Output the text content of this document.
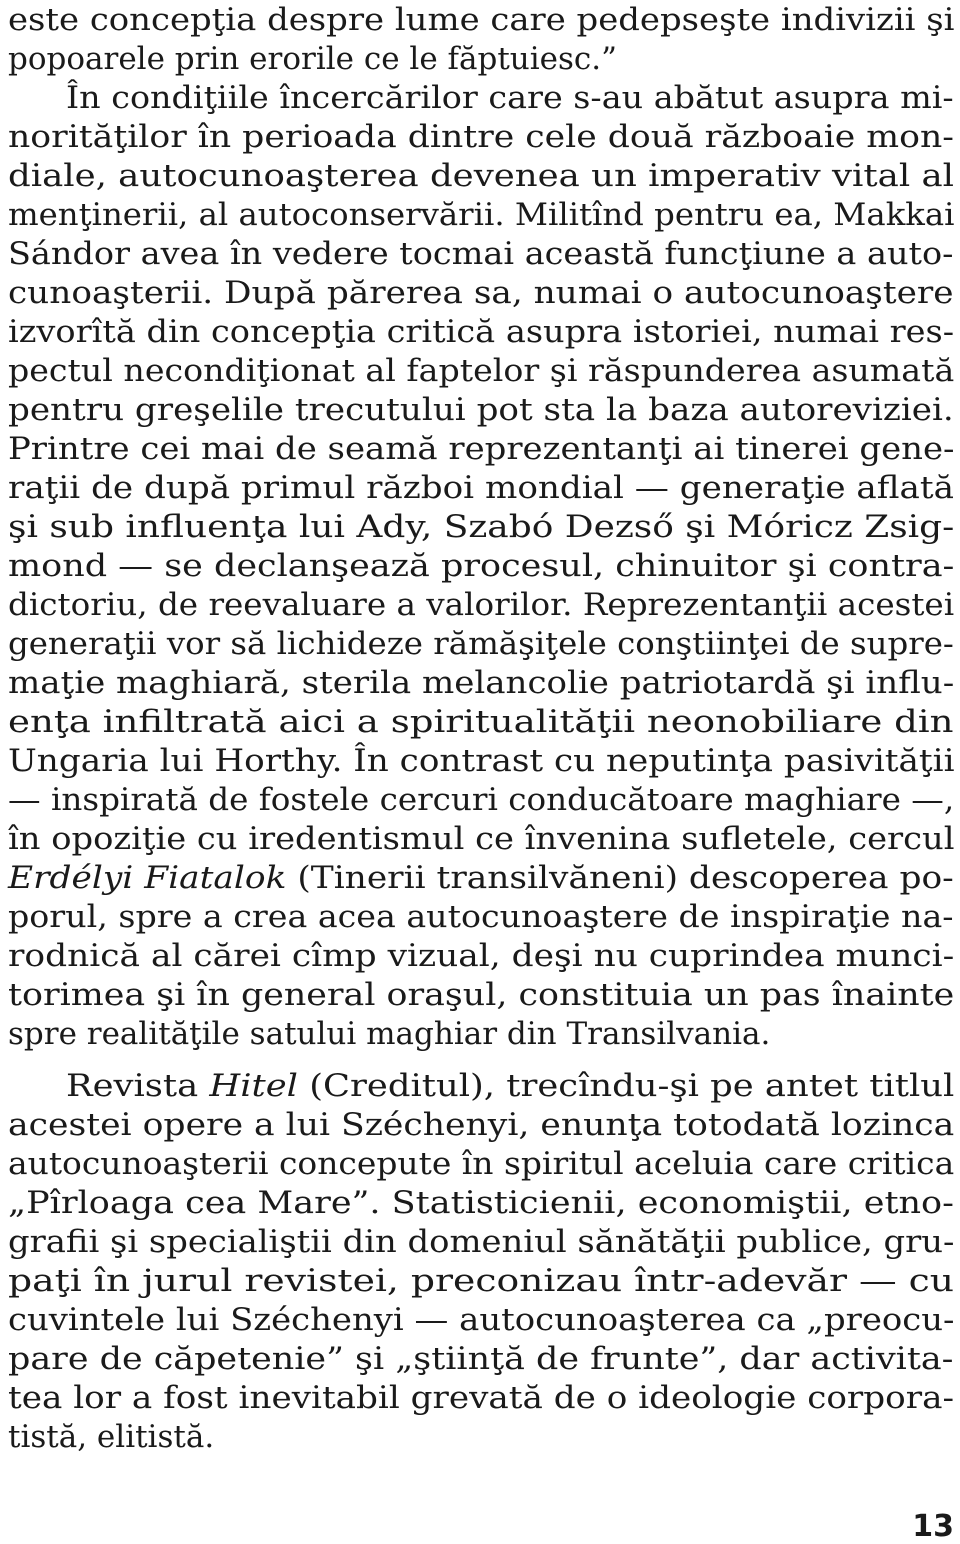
este concepţia despre lume care pedepseşte indivizii şi
popoarele prin erorile ce le făptuiesc.”
În condiţiile încercărilor care s-au abătut asupra mi-
norităţilor în perioada dintre cele două războaie mon-
diale, autocunoaşterea devenea un imperativ vital al
menţinerii, al autoconservării. Militînd pentru ea, Makkai
Sándor avea în vedere tocmai această funcţiune a auto-
cunoaşterii. După părerea sa, numai o autocunoaştere
izvorîtă din concepţia critică asupra istoriei, numai res-
pectul necondiţionat al faptelor şi răspunderea asumată
pentru greşelile trecutului pot sta la baza autoreviziei.
Printre cei mai de seamă reprezentanţi ai tinerei gene-
raţii de după primul război mondial — generaţie aflată
şi sub influenţa lui Ady, Szabó Dezső şi Móricz Zsig-
mond — se declanşează procesul, chinuitor şi contra-
dictoriu, de reevaluare a valorilor. Reprezentanţii acestei
generaţii vor să lichideze rămăşiţele conştiinţei de supre-
maţie maghiară, sterila melancolie patriotardă şi influ-
enţa infiltrată aici a spiritualităţii neonobiliare din
Ungaria lui Horthy. În contrast cu neputinţa pasivităţii
— inspirată de fostele cercuri conducătoare maghiare —,
în opoziţie cu iredentismul ce învenina sufletele, cercul
Erdélyi Fiatalok (Tinerii transilvăneni) descoperea po-
porul, spre a crea acea autocunoaştere de inspiraţie na-
rodnică al cărei cîmp vizual, deşi nu cuprindea munci-
torimea şi în general oraşul, constituia un pas înainte
spre realităţile satului maghiar din Transilvania.
Revista Hitel (Creditul), trecîndu-şi pe antet titlul
acestei opere a lui Széchenyi, enunţa totodată lozinca
autocunoaşterii concepute în spiritul aceluia care critica
„Pîrloaga cea Mare”. Statisticienii, economiştii, etno-
grafii şi specialiştii din domeniul sănătăţii publice, gru-
paţi în jurul revistei, preconizau într-adevăr — cu
cuvintele lui Széchenyi — autocunoaşterea ca „preocu-
pare de căpetenie” şi „ştiinţă de frunte”, dar activita-
tea lor a fost inevitabil grevată de o ideologie corpora-
tistă, elitistă.
13
